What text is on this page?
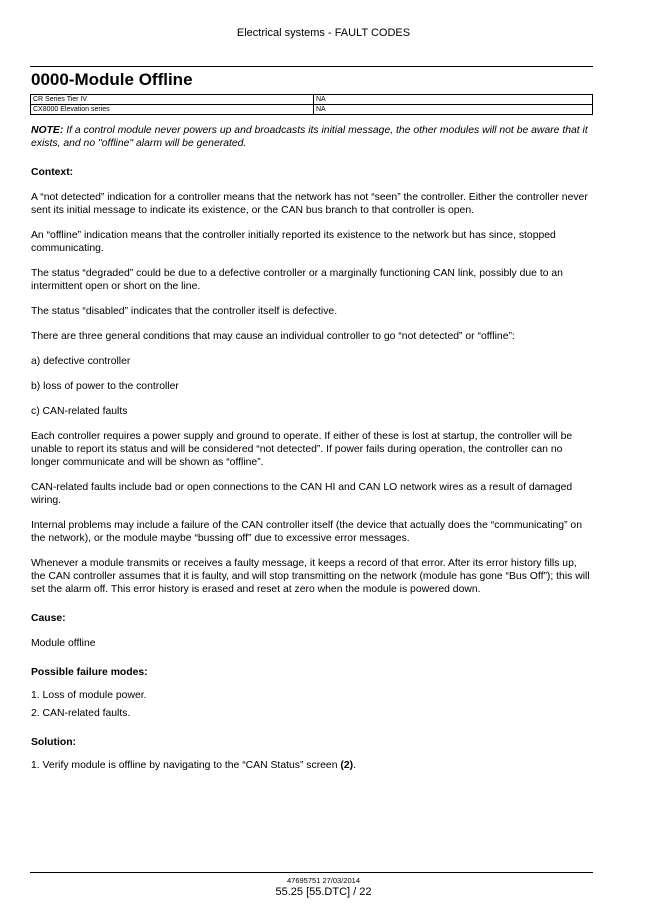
Electrical systems - FAULT CODES
0000-Module Offline
CR Series Tier IV	NA
CX8000 Elevation series	NA

NOTE: If a control module never powers up and broadcasts its initial message, the other modules will not be aware that it exists, and no "offline" alarm will be generated.

Context:

A “not detected” indication for a controller means that the network has not “seen” the controller. Either the controller never sent its initial message to indicate its existence, or the CAN bus branch to that controller is open.

An “offline” indication means that the controller initially reported its existence to the network but has since, stopped communicating.

The status “degraded” could be due to a defective controller or a marginally functioning CAN link, possibly due to an intermittent open or short on the line.

The status “disabled” indicates that the controller itself is defective.

There are three general conditions that may cause an individual controller to go “not detected” or “offline”:

a) defective controller

b) loss of power to the controller

c) CAN-related faults

Each controller requires a power supply and ground to operate. If either of these is lost at startup, the controller will be unable to report its status and will be considered “not detected”. If power fails during operation, the controller can no longer communicate and will be shown as “offline”.

CAN-related faults include bad or open connections to the CAN HI and CAN LO network wires as a result of damaged wiring.

Internal problems may include a failure of the CAN controller itself (the device that actually does the “communicating” on the network), or the module maybe “bussing off” due to excessive error messages.

Whenever a module transmits or receives a faulty message, it keeps a record of that error. After its error history fills up, the CAN controller assumes that it is faulty, and will stop transmitting on the network (module has gone “Bus Off”); this will set the alarm off. This error history is erased and reset at zero when the module is powered down.

Cause:

Module offline

Possible failure modes:

1. Loss of module power.
2. CAN-related faults.

Solution:

1. Verify module is offline by navigating to the “CAN Status” screen (2).
47695751 27/03/2014
55.25 [55.DTC] / 22
